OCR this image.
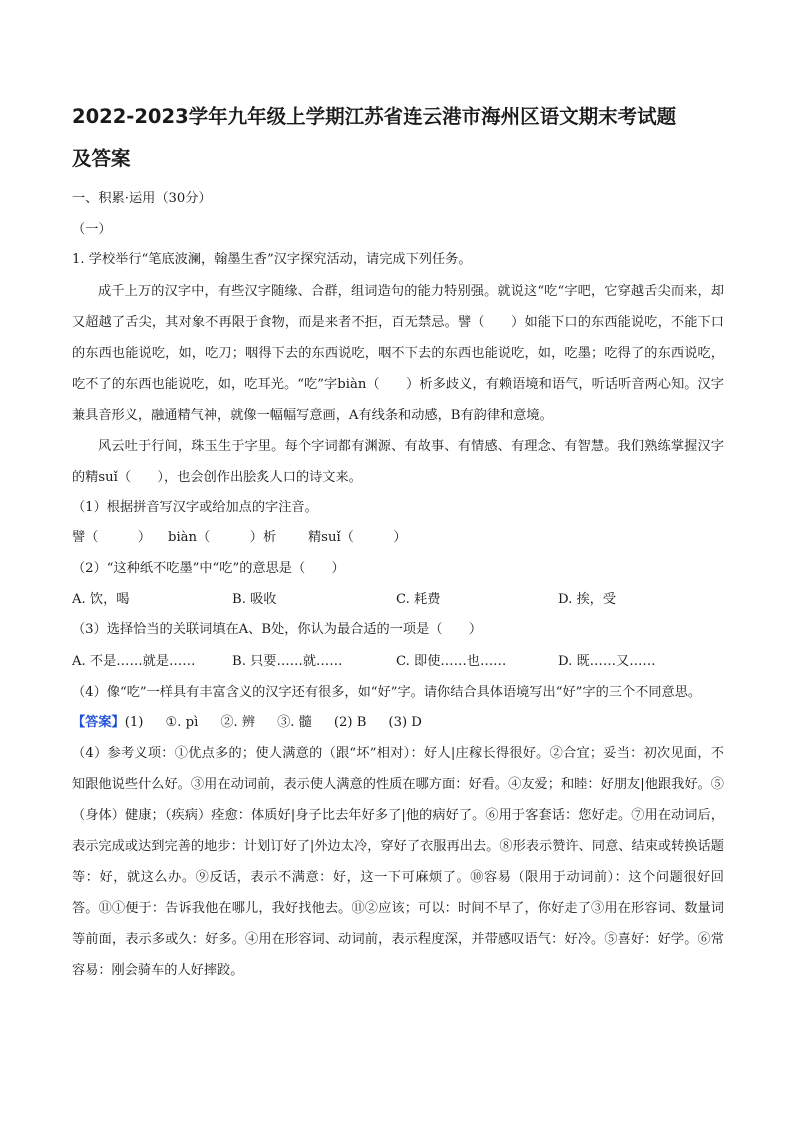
2022-2023学年九年级上学期江苏省连云港市海州区语文期末考试题
及答案
一、积累·运用（30分）
（一）
1. 学校举行“笔底波澜，翰墨生香”汉字探究活动，请完成下列任务。

成千上万的汉字中，有些汉字随缘、合群，组词造句的能力特别强。就说这“吃“字吧，它穿越舌尖而来，却又超越了舌尖，其对象不再限于食物，而是来者不拒，百无禁忌。譬（　　）如能下口的东西能说吃，不能下口的东西也能说吃，如，吃刀；咽得下去的东西说吃，咽不下去的东西也能说吃，如，吃墨；吃得了的东西说吃，吃不了的东西也能说吃，如，吃耳光。“吃”字biàn（　　）析多歧义，有赖语境和语气，听话听音两心知。汉字兼具音形义，融通精气神，就像一幅幅写意画，A有线条和动感，B有韵律和意境。

风云吐于行间，珠玉生于字里。每个字词都有渊源、有故事、有情感、有理念、有智慧。我们熟练掌握汉字的精suǐ（　　），也会创作出脍炙人口的诗文来。

（1）根据拼音写汉字或给加点的字注音。
譬（　　　） biàn（　　　）析 精suǐ（　　　）
（2）“这种纸不吃墨”中“吃”的意思是（　　）
A. 饮，喝	B. 吸收	C. 耗费	D. 挨，受
（3）选择恰当的关联词填在A、B处，你认为最合适的一项是（　　）
A. 不是……就是……	B. 只要……就……	C. 即使……也……	D. 既……又……

（4）像“吃”一样具有丰富含义的汉字还有很多，如“好”字。请你结合具体语境写出“好”字的三个不同意思。

【答案】(1) ①. pì ②. 辨 ③. 髓 (2) B (3) D

（4）参考义项：①优点多的；使人满意的（跟“坏”相对）：好人|庄稼长得很好。②合宜；妥当：初次见面，不知跟他说些什么好。③用在动词前，表示使人满意的性质在哪方面：好看。④友爱；和睦：好朋友|他跟我好。⑤（身体）健康；（疾病）痊愈：体质好|身子比去年好多了|他的病好了。⑥用于客套话：您好走。⑦用在动词后，表示完成或达到完善的地步：计划订好了|外边太冷，穿好了衣服再出去。⑧形表示赞许、同意、结束或转换话题等：好，就这么办。⑨反话，表示不满意：好，这一下可麻烦了。⑩容易（限用于动词前）：这个问题很好回答。⑪①便于：告诉我他在哪儿，我好找他去。⑪②应该；可以：时间不早了，你好走了③用在形容词、数量词等前面，表示多或久：好多。④用在形容词、动词前，表示程度深，并带感叹语气：好冷。⑤喜好：好学。⑥常容易：刚会骑车的人好摔跤。
